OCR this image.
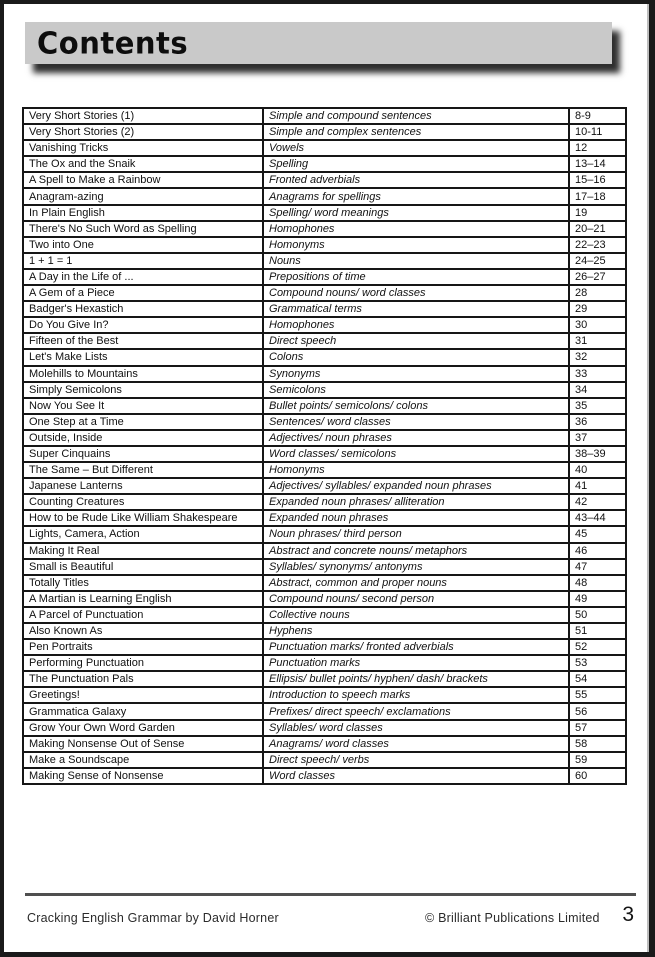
Contents
Very Short Stories (1)	Simple and compound sentences	8-9
Very Short Stories (2)	Simple and complex sentences	10-11
Vanishing Tricks	Vowels	12
The Ox and the Snaik	Spelling	13–14
A Spell to Make a Rainbow	Fronted adverbials	15–16
Anagram-azing	Anagrams for spellings	17–18
In Plain English	Spelling/ word meanings	19
There's No Such Word as Spelling	Homophones	20–21
Two into One	Homonyms	22–23
1 + 1 = 1	Nouns	24–25
A Day in the Life of ...	Prepositions of time	26–27
A Gem of a Piece	Compound nouns/ word classes	28
Badger's Hexastich	Grammatical terms	29
Do You Give In?	Homophones	30
Fifteen of the Best	Direct speech	31
Let's Make Lists	Colons	32
Molehills to Mountains	Synonyms	33
Simply Semicolons	Semicolons	34
Now You See It	Bullet points/ semicolons/ colons	35
One Step at a Time	Sentences/ word classes	36
Outside, Inside	Adjectives/ noun phrases	37
Super Cinquains	Word classes/ semicolons	38–39
The Same – But Different	Homonyms	40
Japanese Lanterns	Adjectives/ syllables/ expanded noun phrases	41
Counting Creatures	Expanded noun phrases/ alliteration	42
How to be Rude Like William Shakespeare	Expanded noun phrases	43–44
Lights, Camera, Action	Noun phrases/ third person	45
Making It Real	Abstract and concrete nouns/ metaphors	46
Small is Beautiful	Syllables/ synonyms/ antonyms	47
Totally Titles	Abstract, common and proper nouns	48
A Martian is Learning English	Compound nouns/ second person	49
A Parcel of Punctuation	Collective nouns	50
Also Known As	Hyphens	51
Pen Portraits	Punctuation marks/ fronted adverbials	52
Performing Punctuation	Punctuation marks	53
The Punctuation Pals	Ellipsis/ bullet points/ hyphen/ dash/ brackets	54
Greetings!	Introduction to speech marks	55
Grammatica Galaxy	Prefixes/ direct speech/ exclamations	56
Grow Your Own Word Garden	Syllables/ word classes	57
Making Nonsense Out of Sense	Anagrams/ word classes	58
Make a Soundscape	Direct speech/ verbs	59
Making Sense of Nonsense	Word classes	60
Cracking English Grammar by David Horner	© Brilliant Publications Limited	3
